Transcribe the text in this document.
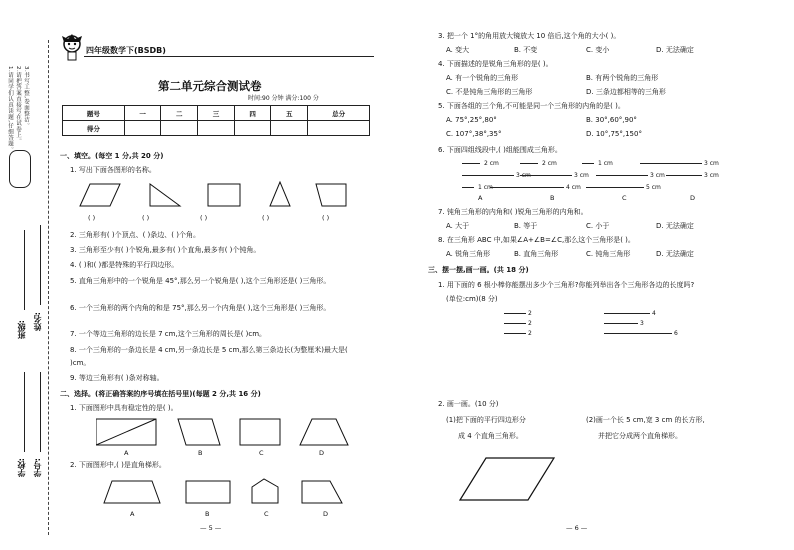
1.请同学们认真读题,仔细答题。 2.请把答案直接写在试卷上。 3.书写工整,卷面整洁。
班级: 姓名:
学校: 学号:
四年级数学下(BSDB)
第二单元综合测试卷
时间:90 分钟 满分:100 分
题号	一	二	三	四	五	总分
得分						
一、填空。(每空 1 分,共 20 分)
1. 写出下面各图形的名称。
( )	( )	( )	( )	( )
2. 三角形有( )个顶点、( )条边、( )个角。
3. 三角形至少有( )个锐角,最多有( )个直角,最多有( )个钝角。
4. ( )和( )都是特殊的平行四边形。
5. 直角三角形中的一个锐角是 45°,那么另一个锐角是( ),这个三角形还是( )三角形。
6. 一个三角形的两个内角的和是 75°,那么另一个内角是( ),这个三角形是( )三角形。
7. 一个等边三角形的边长是 7 cm,这个三角形的周长是( )cm。
8. 一个三角形的一条边长是 4 cm,另一条边长是 5 cm,那么第三条边长(为整厘米)最大是( )cm。
9. 等边三角形有( )条对称轴。
二、选择。(将正确答案的序号填在括号里)(每题 2 分,共 16 分)
1. 下面图形中具有稳定性的是( )。
A	B	C	D
2. 下面图形中,( )是直角梯形。
A	B	C	D
— 5 —
3. 把一个 1°的角用放大镜放大 10 倍后,这个角的大小( )。
A. 变大	B. 不变	C. 变小	D. 无法确定
4. 下面描述的是锐角三角形的是( )。
A. 有一个锐角的三角形	B. 有两个锐角的三角形
C. 不是钝角三角形的三角形	D. 三条边都相等的三角形
5. 下面各组的三个角,不可能是同一个三角形的内角的是( )。
A. 75°,25°,80°	B. 30°,60°,90°
C. 107°,38°,35°	D. 10°,75°,150°
6. 下面四组线段中,( )组能围成三角形。
2 cm
3 cm
1 cm
2 cm
3 cm
4 cm
1 cm
3 cm
5 cm
3 cm
3 cm
A	B	C	D
7. 钝角三角形的内角和( )锐角三角形的内角和。
A. 大于	B. 等于	C. 小于	D. 无法确定
8. 在三角形 ABC 中,如果∠A+∠B=∠C,那么这个三角形是( )。
A. 锐角三角形	B. 直角三角形	C. 钝角三角形	D. 无法确定
三、摆一摆,画一画。(共 18 分)
1. 用下面的 6 根小棒你能摆出多少个三角形?你能列举出各个三角形各边的长度吗?
(单位:cm)(8 分)
2
2
2
4
3
6
2. 画一画。(10 分)
(1)把下面的平行四边形分
成 4 个直角三角形。
(2)画一个长 5 cm,宽 3 cm 的长方形,
并把它分成两个直角梯形。
— 6 —
